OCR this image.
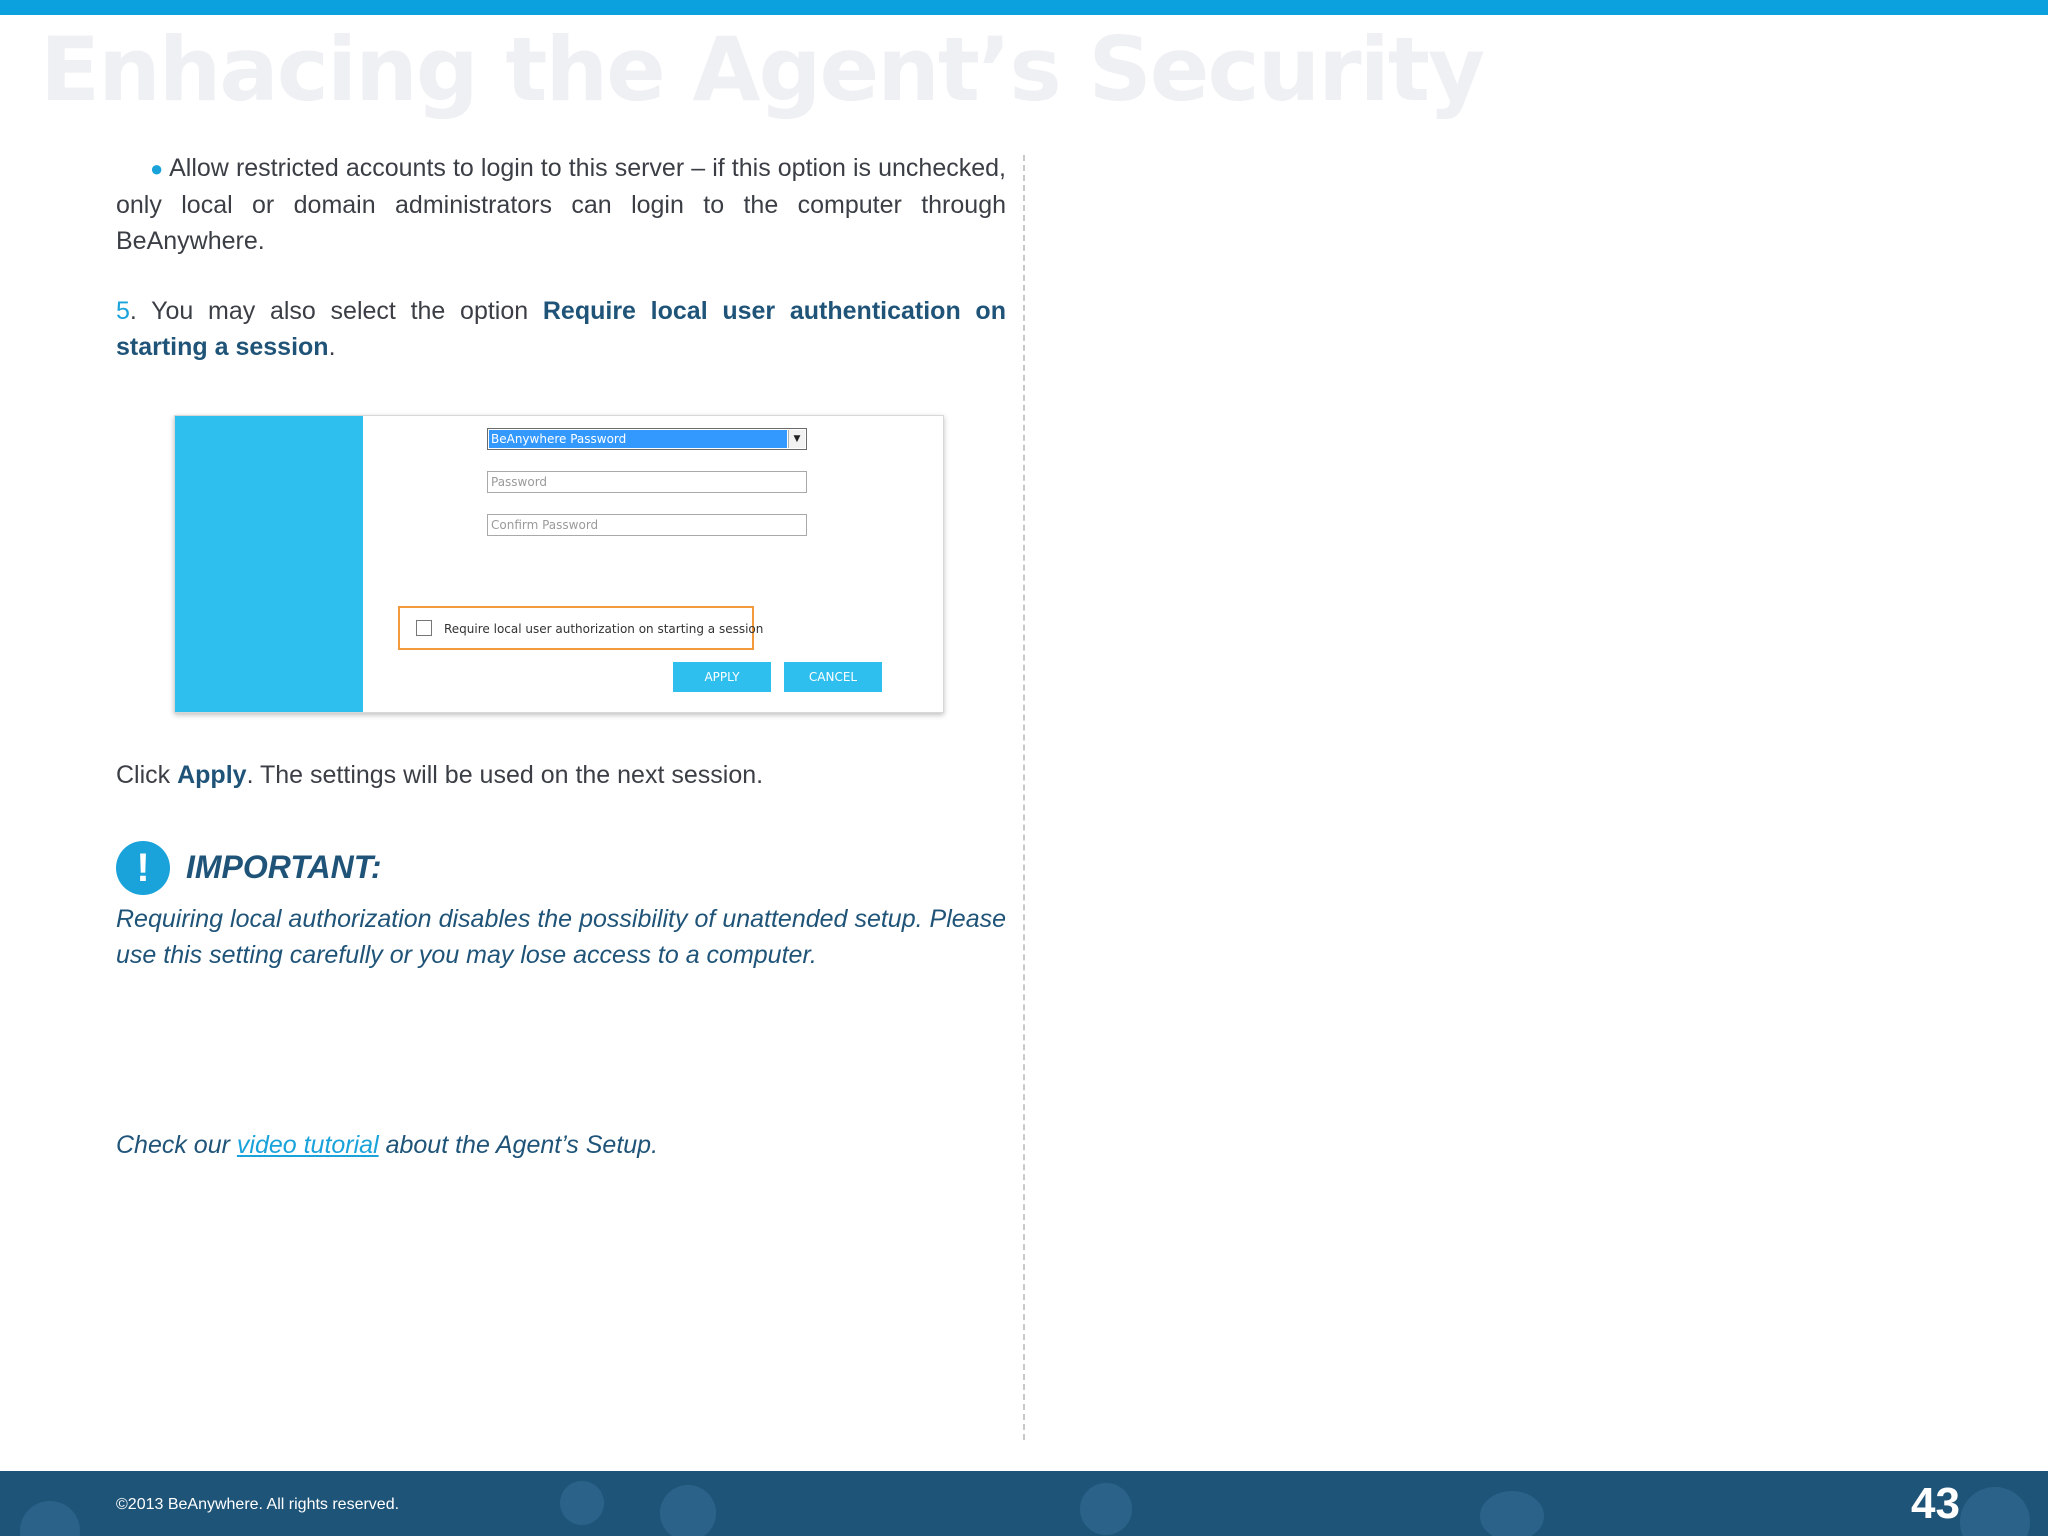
Enhacing the Agent’s Security

● Allow restricted accounts to login to this server – if this option is unchecked, only local or domain administrators can login to the computer through BeAnywhere.

5. You may also select the option Require local user authentication on starting a session.

BeAnywhere Password	▼
Password
Confirm Password
Require local user authorization on starting a session
APPLY	CANCEL

Click Apply. The settings will be used on the next session.

!	IMPORTANT:

Requiring local authorization disables the possibility of unattended setup. Please use this setting carefully or you may lose access to a computer.

Check our video tutorial about the Agent’s Setup.

©2013 BeAnywhere. All rights reserved.	43
